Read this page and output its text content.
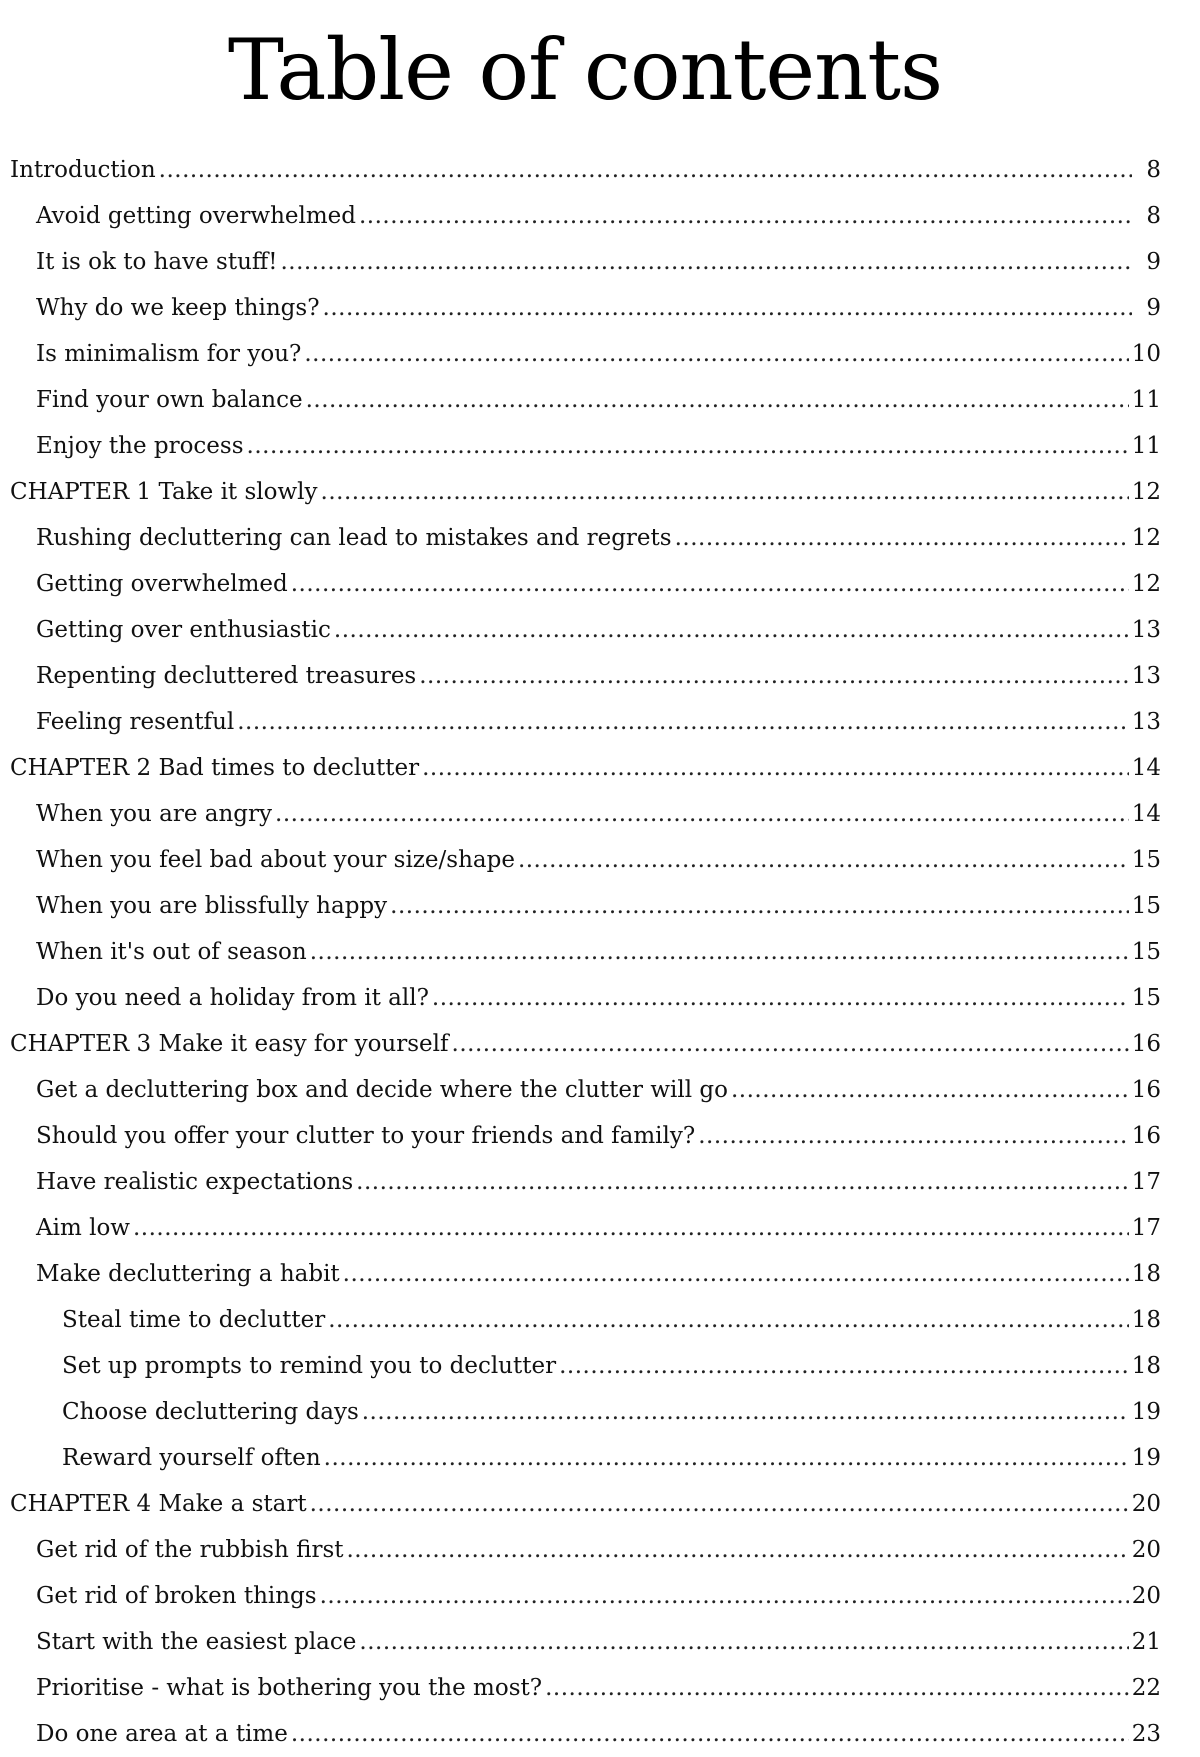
Table of contents
Introduction .....	8
Avoid getting overwhelmed .....	8
It is ok to have stuff! .....	9
Why do we keep things? .....	9
Is minimalism for you? .....	10
Find your own balance .....	11
Enjoy the process .....	11
CHAPTER 1 Take it slowly .....	12
Rushing decluttering can lead to mistakes and regrets .....	12
Getting overwhelmed .....	12
Getting over enthusiastic .....	13
Repenting decluttered treasures .....	13
Feeling resentful .....	13
CHAPTER 2 Bad times to declutter .....	14
When you are angry .....	14
When you feel bad about your size/shape .....	15
When you are blissfully happy .....	15
When it's out of season .....	15
Do you need a holiday from it all? .....	15
CHAPTER 3 Make it easy for yourself .....	16
Get a decluttering box and decide where the clutter will go .....	16
Should you offer your clutter to your friends and family? .....	16
Have realistic expectations .....	17
Aim low .....	17
Make decluttering a habit .....	18
Steal time to declutter .....	18
Set up prompts to remind you to declutter .....	18
Choose decluttering days .....	19
Reward yourself often .....	19
CHAPTER 4 Make a start .....	20
Get rid of the rubbish first .....	20
Get rid of broken things .....	20
Start with the easiest place .....	21
Prioritise - what is bothering you the most? .....	22
Do one area at a time .....	23
